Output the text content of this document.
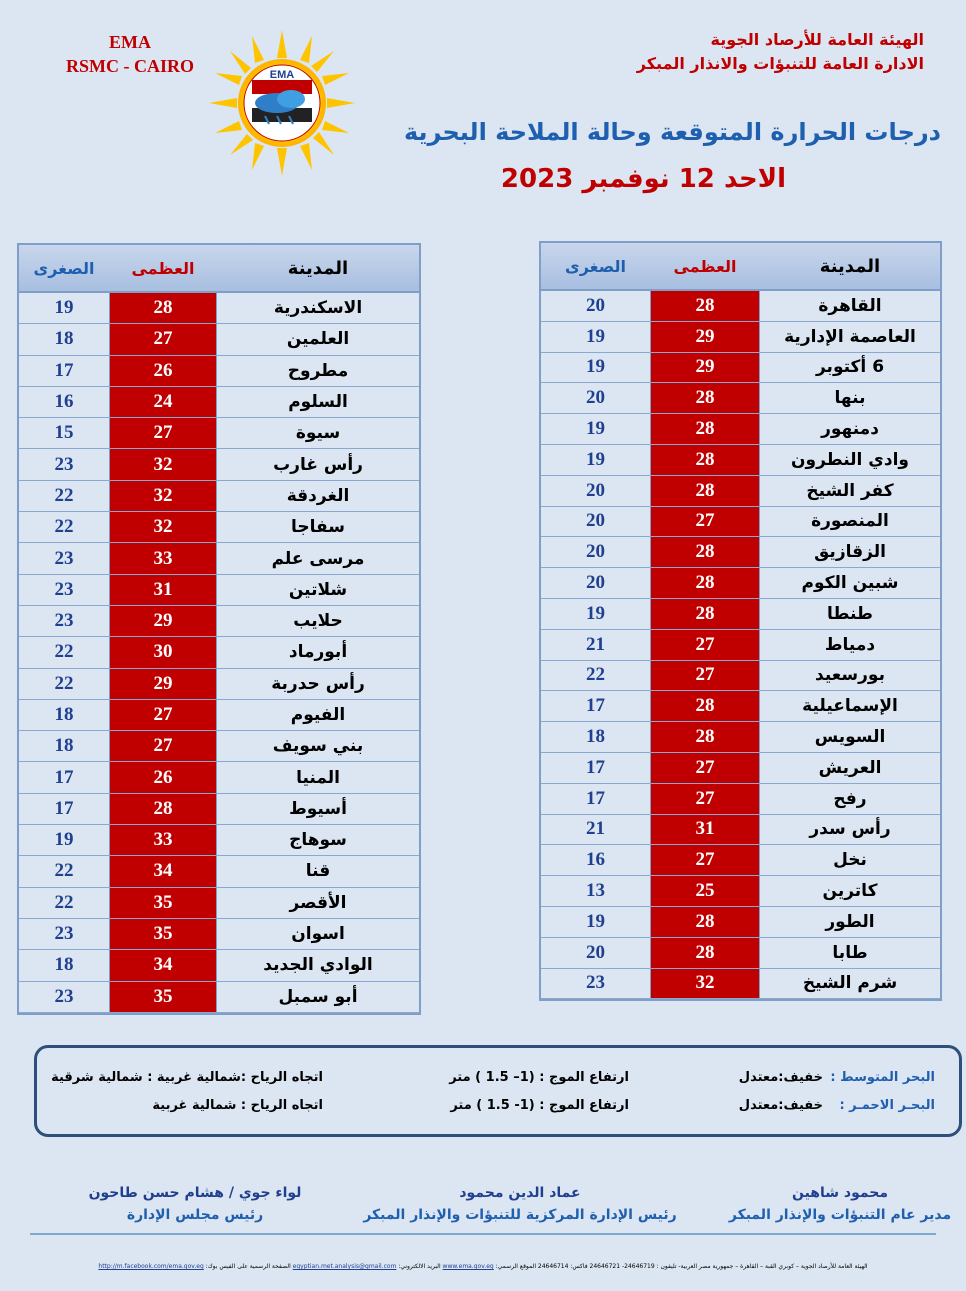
EMA
RSMC - CAIRO	EMA
الهيئة العامة للأرصاد الجوية
الادارة العامة للتنبؤات والانذار المبكر
درجات الحرارة المتوقعة وحالة الملاحة البحرية
الاحد 12 نوفمبر 2023
المدينة
العظمى
الصغرى
القاهرة
28
20
العاصمة الإدارية
29
19
6 أكتوبر
29
19
بنها
28
20
دمنهور
28
19
وادي النطرون
28
19
كفر الشيخ
28
20
المنصورة
27
20
الزقازيق
28
20
شبين الكوم
28
20
طنطا
28
19
دمياط
27
21
بورسعيد
27
22
الإسماعيلية
28
17
السويس
28
18
العريش
27
17
رفح
27
17
رأس سدر
31
21
نخل
27
16
كاترين
25
13
الطور
28
19
طابا
28
20
شرم الشيخ
32
23
المدينة
العظمى
الصغرى
الاسكندرية
28
19
العلمين
27
18
مطروح
26
17
السلوم
24
16
سيوة
27
15
رأس غارب
32
23
الغردقة
32
22
سفاجا
32
22
مرسى علم
33
23
شلاتين
31
23
حلايب
29
23
أبورماد
30
22
رأس حدربة
29
22
الفيوم
27
18
بني سويف
27
18
المنيا
26
17
أسيوط
28
17
سوهاج
33
19
قنا
34
22
الأقصر
35
22
اسوان
35
23
الوادي الجديد
34
18
أبو سمبل
35
23
البحر المتوسط :
خفيف:معتدل
ارتفاع الموج : (1– 1.5 ) متر
اتجاه الرياح :شمالية غربية : شمالية شرقية
البحـر الاحمـر :
خفيف:معتدل
ارتفاع الموج : (1- 1.5 ) متر
اتجاه الرياح : شمالية غربية
محمود شاهين
مدير عام التنبؤات والإنذار المبكر
عماد الدين محمود
رئيس الإدارة المركزية للتنبؤات والإنذار المبكر
لواء جوي / هشام حسن طاحون
رئيس مجلس الإدارة
الهيئة العامة للأرصاد الجوية – كوبري القبة – القاهرة – جمهورية مصر العربية- تليفون : 24646719- 24646721 فاكس: 24646714 الموقع الرسمي: www.ema.gov.eg البريد الالكتروني: egyptian.met.analysis@gmail.com الصفحة الرسمية على الفيس بوك: http://m.facebook.com/ema.gov.eg
